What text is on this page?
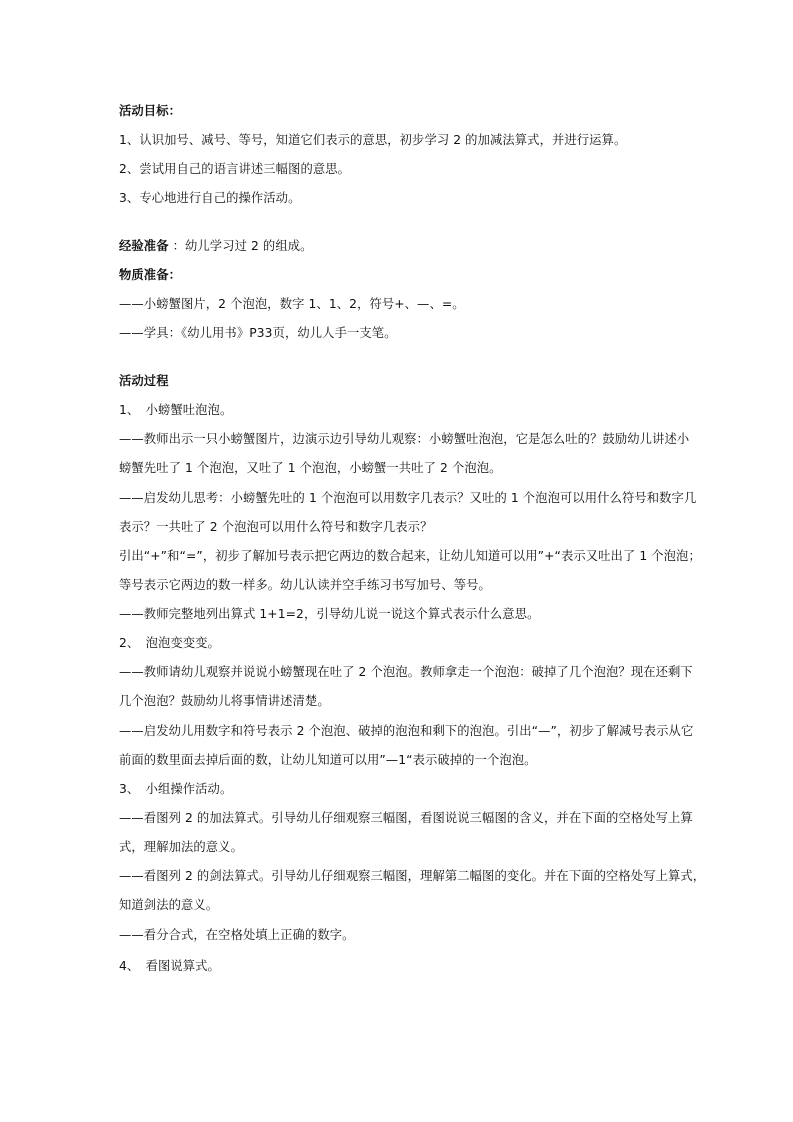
活动目标：
1、认识加号、减号、等号，知道它们表示的意思，初步学习 2 的加减法算式，并进行运算。
2、尝试用自己的语言讲述三幅图的意思。
3、专心地进行自己的操作活动。
经验准备 ：幼儿学习过 2 的组成。
物质准备：
——小螃蟹图片，2 个泡泡，数字 1、1、2，符号+、—、=。
——学具：《幼儿用书》P33页，幼儿人手一支笔。
活动过程
1、　小螃蟹吐泡泡。
——教师出示一只小螃蟹图片，边演示边引导幼儿观察：小螃蟹吐泡泡，它是怎么吐的？鼓励幼儿讲述小
螃蟹先吐了 1 个泡泡，又吐了 1 个泡泡，小螃蟹一共吐了 2 个泡泡。
——启发幼儿思考：小螃蟹先吐的 1 个泡泡可以用数字几表示？又吐的 1 个泡泡可以用什么符号和数字几
表示？一共吐了 2 个泡泡可以用什么符号和数字几表示？
引出“+”和“=”，初步了解加号表示把它两边的数合起来，让幼儿知道可以用”+“表示又吐出了 1 个泡泡；
等号表示它两边的数一样多。幼儿认读并空手练习书写加号、等号。
——教师完整地列出算式 1+1=2，引导幼儿说一说这个算式表示什么意思。
2、　泡泡变变变。
——教师请幼儿观察并说说小螃蟹现在吐了 2 个泡泡。教师拿走一个泡泡：破掉了几个泡泡？现在还剩下
几个泡泡？鼓励幼儿将事情讲述清楚。
——启发幼儿用数字和符号表示 2 个泡泡、破掉的泡泡和剩下的泡泡。引出“—”，初步了解减号表示从它
前面的数里面去掉后面的数，让幼儿知道可以用”—1“表示破掉的一个泡泡。
3、　小组操作活动。
——看图列 2 的加法算式。引导幼儿仔细观察三幅图，看图说说三幅图的含义，并在下面的空格处写上算
式，理解加法的意义。
——看图列 2 的剑法算式。引导幼儿仔细观察三幅图，理解第二幅图的变化。并在下面的空格处写上算式，
知道剑法的意义。
——看分合式，在空格处填上正确的数字。
4、　看图说算式。
